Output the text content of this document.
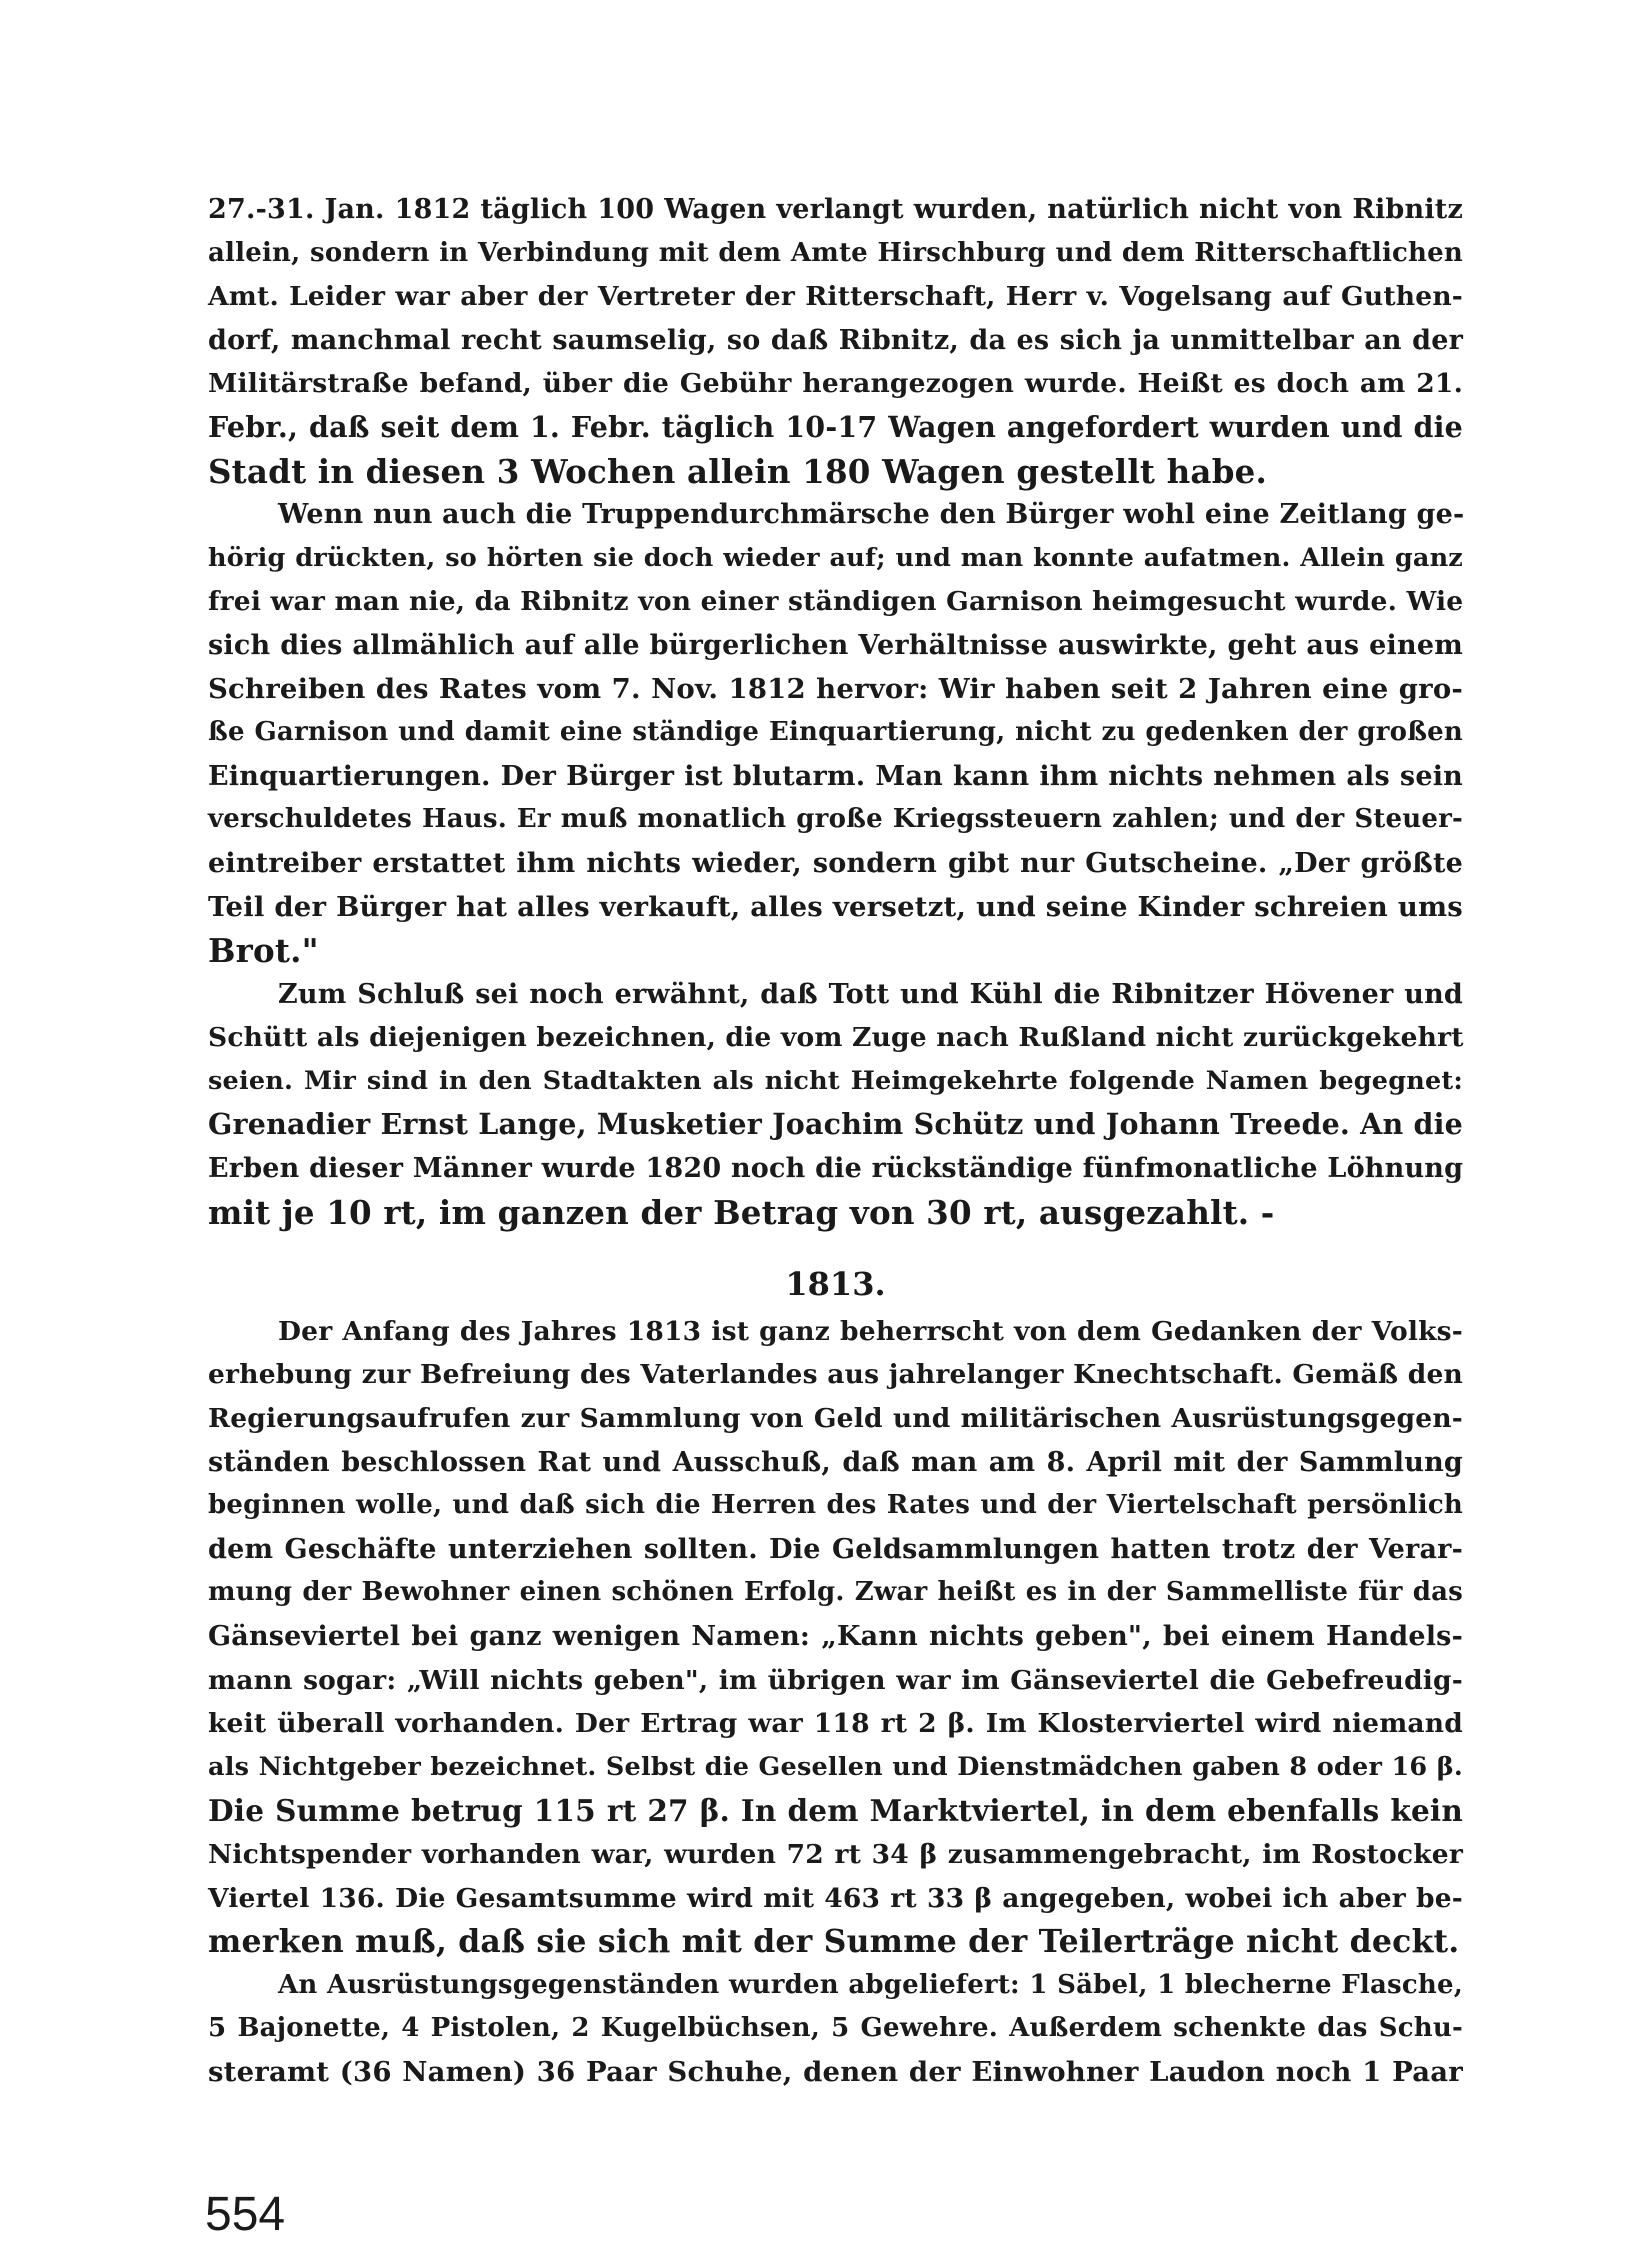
27.-31. Jan. 1812 täglich 100 Wagen verlangt wurden, natürlich nicht von Ribnitz
allein, sondern in Verbindung mit dem Amte Hirschburg und dem Ritterschaftlichen
Amt. Leider war aber der Vertreter der Ritterschaft, Herr v. Vogelsang auf Guthen-
dorf, manchmal recht saumselig, so daß Ribnitz, da es sich ja unmittelbar an der
Militärstraße befand, über die Gebühr herangezogen wurde. Heißt es doch am 21.
Febr., daß seit dem 1. Febr. täglich 10-17 Wagen angefordert wurden und die
Stadt in diesen 3 Wochen allein 180 Wagen gestellt habe.
Wenn nun auch die Truppendurchmärsche den Bürger wohl eine Zeitlang ge-
hörig drückten, so hörten sie doch wieder auf; und man konnte aufatmen. Allein ganz
frei war man nie, da Ribnitz von einer ständigen Garnison heimgesucht wurde. Wie
sich dies allmählich auf alle bürgerlichen Verhältnisse auswirkte, geht aus einem
Schreiben des Rates vom 7. Nov. 1812 hervor: Wir haben seit 2 Jahren eine gro-
ße Garnison und damit eine ständige Einquartierung, nicht zu gedenken der großen
Einquartierungen. Der Bürger ist blutarm. Man kann ihm nichts nehmen als sein
verschuldetes Haus. Er muß monatlich große Kriegssteuern zahlen; und der Steuer-
eintreiber erstattet ihm nichts wieder, sondern gibt nur Gutscheine. „Der größte
Teil der Bürger hat alles verkauft, alles versetzt, und seine Kinder schreien ums
Brot."
Zum Schluß sei noch erwähnt, daß Tott und Kühl die Ribnitzer Hövener und
Schütt als diejenigen bezeichnen, die vom Zuge nach Rußland nicht zurückgekehrt
seien. Mir sind in den Stadtakten als nicht Heimgekehrte folgende Namen begegnet:
Grenadier Ernst Lange, Musketier Joachim Schütz und Johann Treede. An die
Erben dieser Männer wurde 1820 noch die rückständige fünfmonatliche Löhnung
mit je 10 rt, im ganzen der Betrag von 30 rt, ausgezahlt. -
1813.
Der Anfang des Jahres 1813 ist ganz beherrscht von dem Gedanken der Volks-
erhebung zur Befreiung des Vaterlandes aus jahrelanger Knechtschaft. Gemäß den
Regierungsaufrufen zur Sammlung von Geld und militärischen Ausrüstungsgegen-
ständen beschlossen Rat und Ausschuß, daß man am 8. April mit der Sammlung
beginnen wolle, und daß sich die Herren des Rates und der Viertelschaft persönlich
dem Geschäfte unterziehen sollten. Die Geldsammlungen hatten trotz der Verar-
mung der Bewohner einen schönen Erfolg. Zwar heißt es in der Sammelliste für das
Gänseviertel bei ganz wenigen Namen: „Kann nichts geben", bei einem Handels-
mann sogar: „Will nichts geben", im übrigen war im Gänseviertel die Gebefreudig-
keit überall vorhanden. Der Ertrag war 118 rt 2 β. Im Klosterviertel wird niemand
als Nichtgeber bezeichnet. Selbst die Gesellen und Dienstmädchen gaben 8 oder 16 β.
Die Summe betrug 115 rt 27 β. In dem Marktviertel, in dem ebenfalls kein
Nichtspender vorhanden war, wurden 72 rt 34 β zusammengebracht, im Rostocker
Viertel 136. Die Gesamtsumme wird mit 463 rt 33 β angegeben, wobei ich aber be-
merken muß, daß sie sich mit der Summe der Teilerträge nicht deckt.
An Ausrüstungsgegenständen wurden abgeliefert: 1 Säbel, 1 blecherne Flasche,
5 Bajonette, 4 Pistolen, 2 Kugelbüchsen, 5 Gewehre. Außerdem schenkte das Schu-
steramt (36 Namen) 36 Paar Schuhe, denen der Einwohner Laudon noch 1 Paar
554
